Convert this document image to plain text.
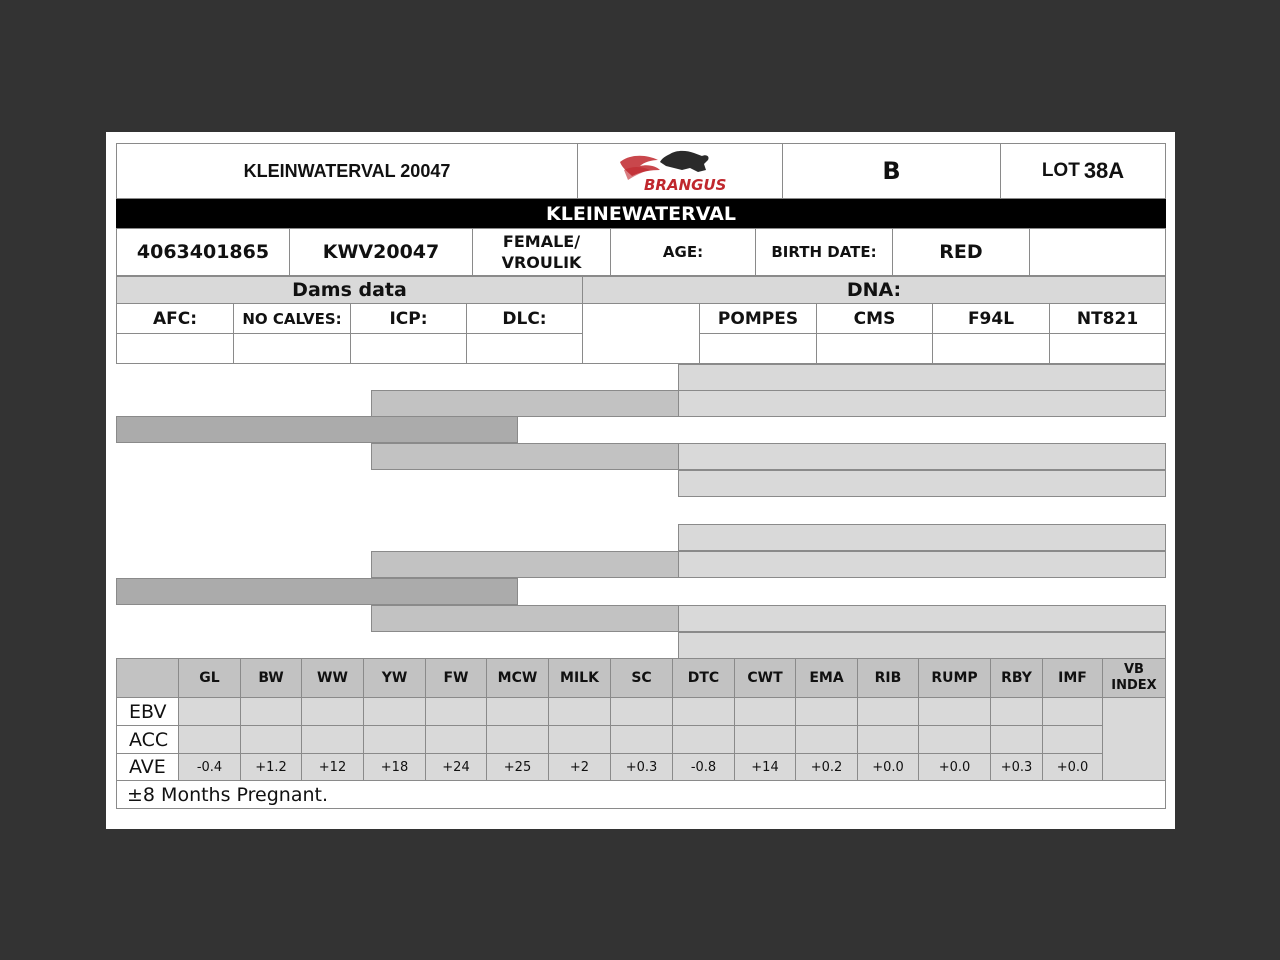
KLEINWATERVAL 20047
BRANGUS	B	LOT 38A
KLEINEWATERVAL
4063401865	KWV20047	FEMALE/
VROULIK
AGE:	BIRTH DATE:	RED
Dams data	DNA:
AFC:	NO CALVES:	ICP:	DLC:	POMPES	CMS	F94L	NT821
GL	BW	WW	YW	FW	MCW	MILK	SC	DTC	CWT	EMA	RIB	RUMP	RBY	IMF
VB
INDEX
EBV
ACC
AVE	-0.4	+1.2	+12	+18	+24	+25	+2	+0.3	-0.8	+14	+0.2	+0.0	+0.0	+0.3	+0.0
±8 Months Pregnant.
